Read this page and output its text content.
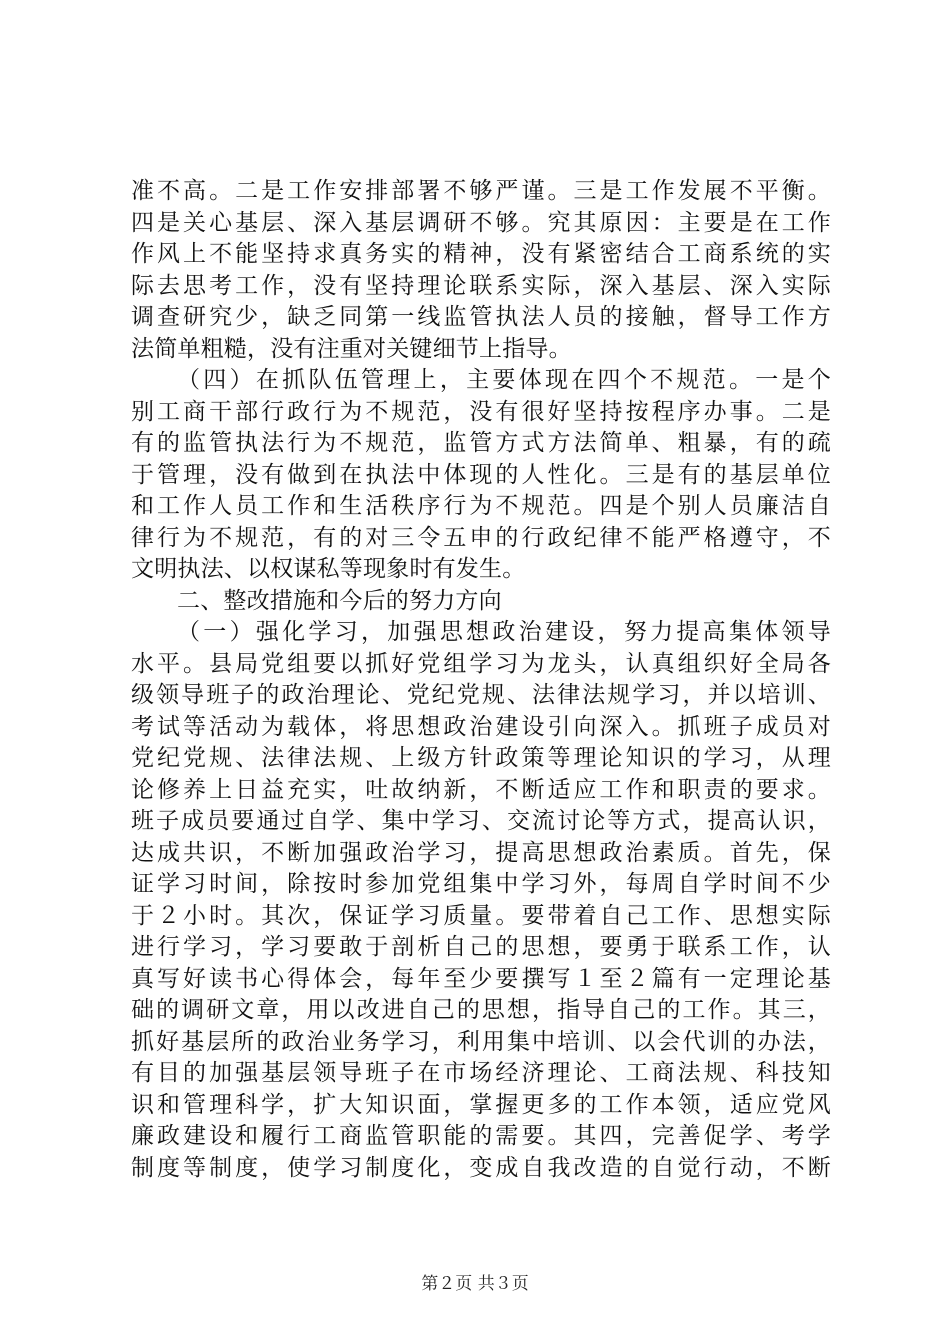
准不高。二是工作安排部署不够严谨。三是工作发展不平衡。
四是关心基层、深入基层调研不够。究其原因：主要是在工作
作风上不能坚持求真务实的精神，没有紧密结合工商系统的实
际去思考工作，没有坚持理论联系实际，深入基层、深入实际
调查研究少，缺乏同第一线监管执法人员的接触，督导工作方
法简单粗糙，没有注重对关键细节上指导。
（四）在抓队伍管理上，主要体现在四个不规范。一是个
别工商干部行政行为不规范，没有很好坚持按程序办事。二是
有的监管执法行为不规范，监管方式方法简单、粗暴，有的疏
于管理，没有做到在执法中体现的人性化。三是有的基层单位
和工作人员工作和生活秩序行为不规范。四是个别人员廉洁自
律行为不规范，有的对三令五申的行政纪律不能严格遵守，不
文明执法、以权谋私等现象时有发生。
二、整改措施和今后的努力方向
（一）强化学习，加强思想政治建设，努力提高集体领导
水平。县局党组要以抓好党组学习为龙头，认真组织好全局各
级领导班子的政治理论、党纪党规、法律法规学习，并以培训、
考试等活动为载体，将思想政治建设引向深入。抓班子成员对
党纪党规、法律法规、上级方针政策等理论知识的学习，从理
论修养上日益充实，吐故纳新，不断适应工作和职责的要求。
班子成员要通过自学、集中学习、交流讨论等方式，提高认识，
达成共识，不断加强政治学习，提高思想政治素质。首先，保
证学习时间，除按时参加党组集中学习外，每周自学时间不少
于２小时。其次，保证学习质量。要带着自己工作、思想实际
进行学习，学习要敢于剖析自己的思想，要勇于联系工作，认
真写好读书心得体会，每年至少要撰写１至２篇有一定理论基
础的调研文章，用以改进自己的思想，指导自己的工作。其三，
抓好基层所的政治业务学习，利用集中培训、以会代训的办法，
有目的加强基层领导班子在市场经济理论、工商法规、科技知
识和管理科学，扩大知识面，掌握更多的工作本领，适应党风
廉政建设和履行工商监管职能的需要。其四，完善促学、考学
制度等制度，使学习制度化，变成自我改造的自觉行动，不断
第２页 共３页
